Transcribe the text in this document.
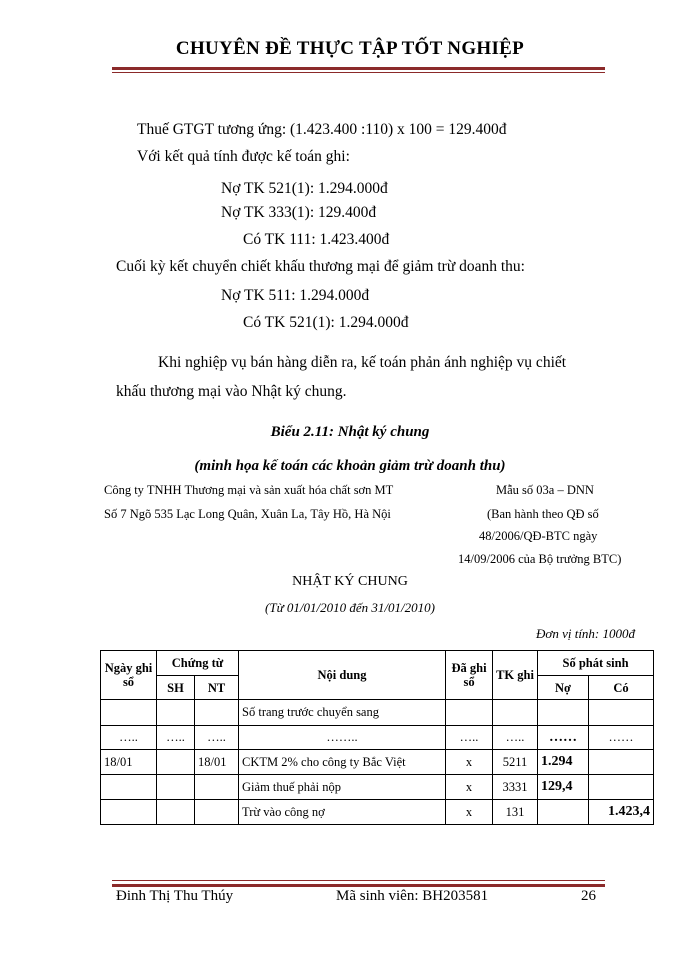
CHUYÊN ĐỀ THỰC TẬP TỐT NGHIỆP
Thuế GTGT tương ứng: (1.423.400 :110) x 100 = 129.400đ
Với kết quả tính được kế toán ghi:
Nợ TK 521(1): 1.294.000đ
Nợ TK 333(1): 129.400đ
Có TK 111: 1.423.400đ
Cuối kỳ kết chuyển chiết khấu thương mại để giảm trừ doanh thu:
Nợ TK 511: 1.294.000đ
Có TK 521(1): 1.294.000đ
Khi nghiệp vụ bán hàng diễn ra, kế toán phản ánh nghiệp vụ chiết
khấu thương mại vào Nhật ký chung.
Biểu 2.11: Nhật ký chung
(minh họa kế toán các khoản giảm trừ doanh thu)
Công ty TNHH Thương mại và sản xuất hóa chất sơn MT
Số 7 Ngõ 535 Lạc Long Quân, Xuân La, Tây Hồ, Hà Nội
Mẫu số 03a – DNN
(Ban hành theo QĐ số
48/2006/QĐ-BTC ngày
14/09/2006 của Bộ trưởng BTC)
NHẬT KÝ CHUNG
(Từ 01/01/2010 đến 31/01/2010)
Đơn vị tính: 1000đ
Ngày ghi sổ	Chứng từ		Nội dung	Đã ghi sổ	TK ghi	Số phát sinh	
	SH	NT				Nợ	Có
			Số trang trước chuyển sang				
…..	…..	…..	……..	…..	…..	……	……
18/01		18/01	CKTM 2% cho công ty Bắc Việt	x	5211	1.294	
			Giảm thuế phải nộp	x	3331	129,4	
			Trừ vào công nợ	x	131		1.423,4
Đinh Thị Thu Thúy	Mã sinh viên: BH203581	26
